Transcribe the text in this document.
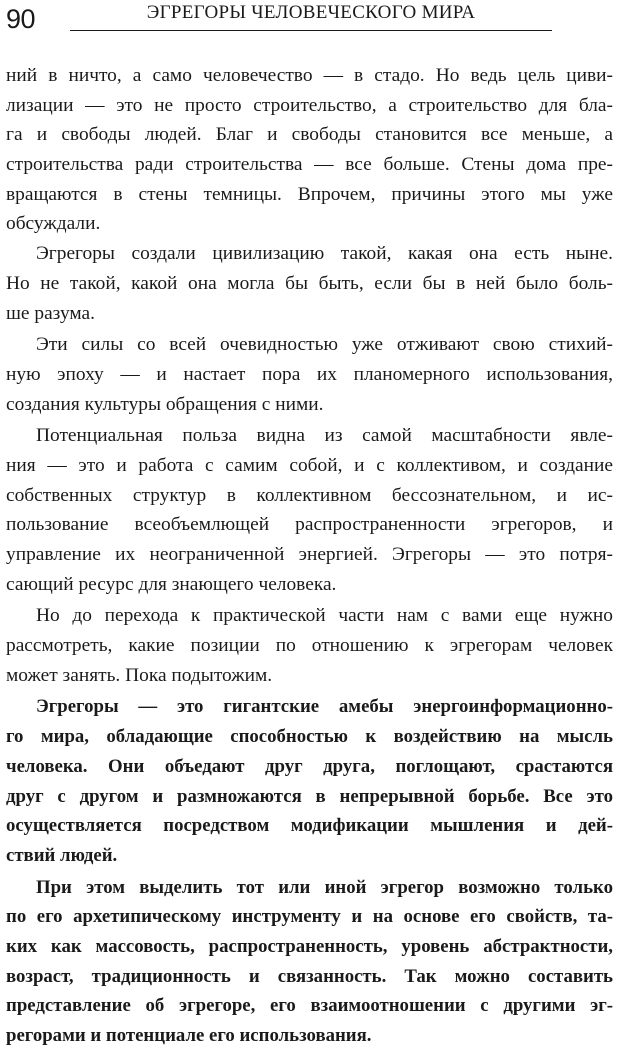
90	ЭГРЕГОРЫ ЧЕЛОВЕЧЕСКОГО МИРА
ний в ничто, а само человечество — в стадо. Но ведь цель циви-
лизации — это не просто строительство, а строительство для бла-
га и свободы людей. Благ и свободы становится все меньше, а
строительства ради строительства — все больше. Стены дома пре-
вращаются в стены темницы. Впрочем, причины этого мы уже
обсуждали.
Эгрегоры создали цивилизацию такой, какая она есть ныне.
Но не такой, какой она могла бы быть, если бы в ней было боль-
ше разума.
Эти силы со всей очевидностью уже отживают свою стихий-
ную эпоху — и настает пора их планомерного использования,
создания культуры обращения с ними.
Потенциальная польза видна из самой масштабности явле-
ния — это и работа с самим собой, и с коллективом, и создание
собственных структур в коллективном бессознательном, и ис-
пользование всеобъемлющей распространенности эгрегоров, и
управление их неограниченной энергией. Эгрегоры — это потря-
сающий ресурс для знающего человека.
Но до перехода к практической части нам с вами еще нужно
рассмотреть, какие позиции по отношению к эгрегорам человек
может занять. Пока подытожим.
Эгрегоры — это гигантские амебы энергоинформационно-
го мира, обладающие способностью к воздействию на мысль
человека. Они объедают друг друга, поглощают, срастаются
друг с другом и размножаются в непрерывной борьбе. Все это
осуществляется посредством модификации мышления и дей-
ствий людей.
При этом выделить тот или иной эгрегор возможно только
по его архетипическому инструменту и на основе его свойств, та-
ких как массовость, распространенность, уровень абстрактности,
возраст, традиционность и связанность. Так можно составить
представление об эгрегоре, его взаимоотношении с другими эг-
регорами и потенциале его использования.
